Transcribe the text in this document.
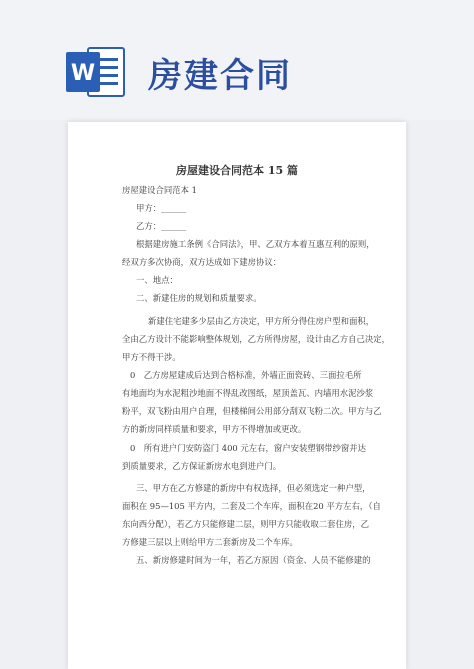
W 房建合同
房屋建设合同范本 15 篇
房屋建设合同范本 1
甲方：______
乙方：______
根据建房施工条例《合同法》，甲、乙双方本着互惠互利的原则，
经双方多次协商，双方达成如下建房协议：
一、地点：
二、新建住房的规划和质量要求。
新建住宅建多少层由乙方决定，甲方所分得住房户型和面积，
全由乙方设计不能影响整体规划，乙方所得房屋，设计由乙方自己决定，
甲方不得干涉。
0　乙方房屋建成后达到合格标准，外墙正面瓷砖、三面拉毛所
有地面均为水泥粗沙地面不得乱改图纸，屋顶盖瓦、内墙用水泥沙浆
粉平，双飞粉由用户自理，但楼梯间公用部分刮双飞粉二次。甲方与乙
方的新房同样质量和要求，甲方不得增加或更改。
0　所有进户门安防盗门 400 元左右，窗户安装塑钢带纱窗并达
到质量要求，乙方保证新房水电到进户门。
三、甲方在乙方修建的新房中有权选择，但必须选定一种户型，
面积在 95—105 平方内，二套及二个车库，面积在20 平方左右，（自
东向西分配），若乙方只能修建二层，则甲方只能收取二套住房，乙
方修建三层以上则给甲方二套新房及二个车库。
五、新房修建时间为一年，若乙方原因（资金、人员不能修建的
